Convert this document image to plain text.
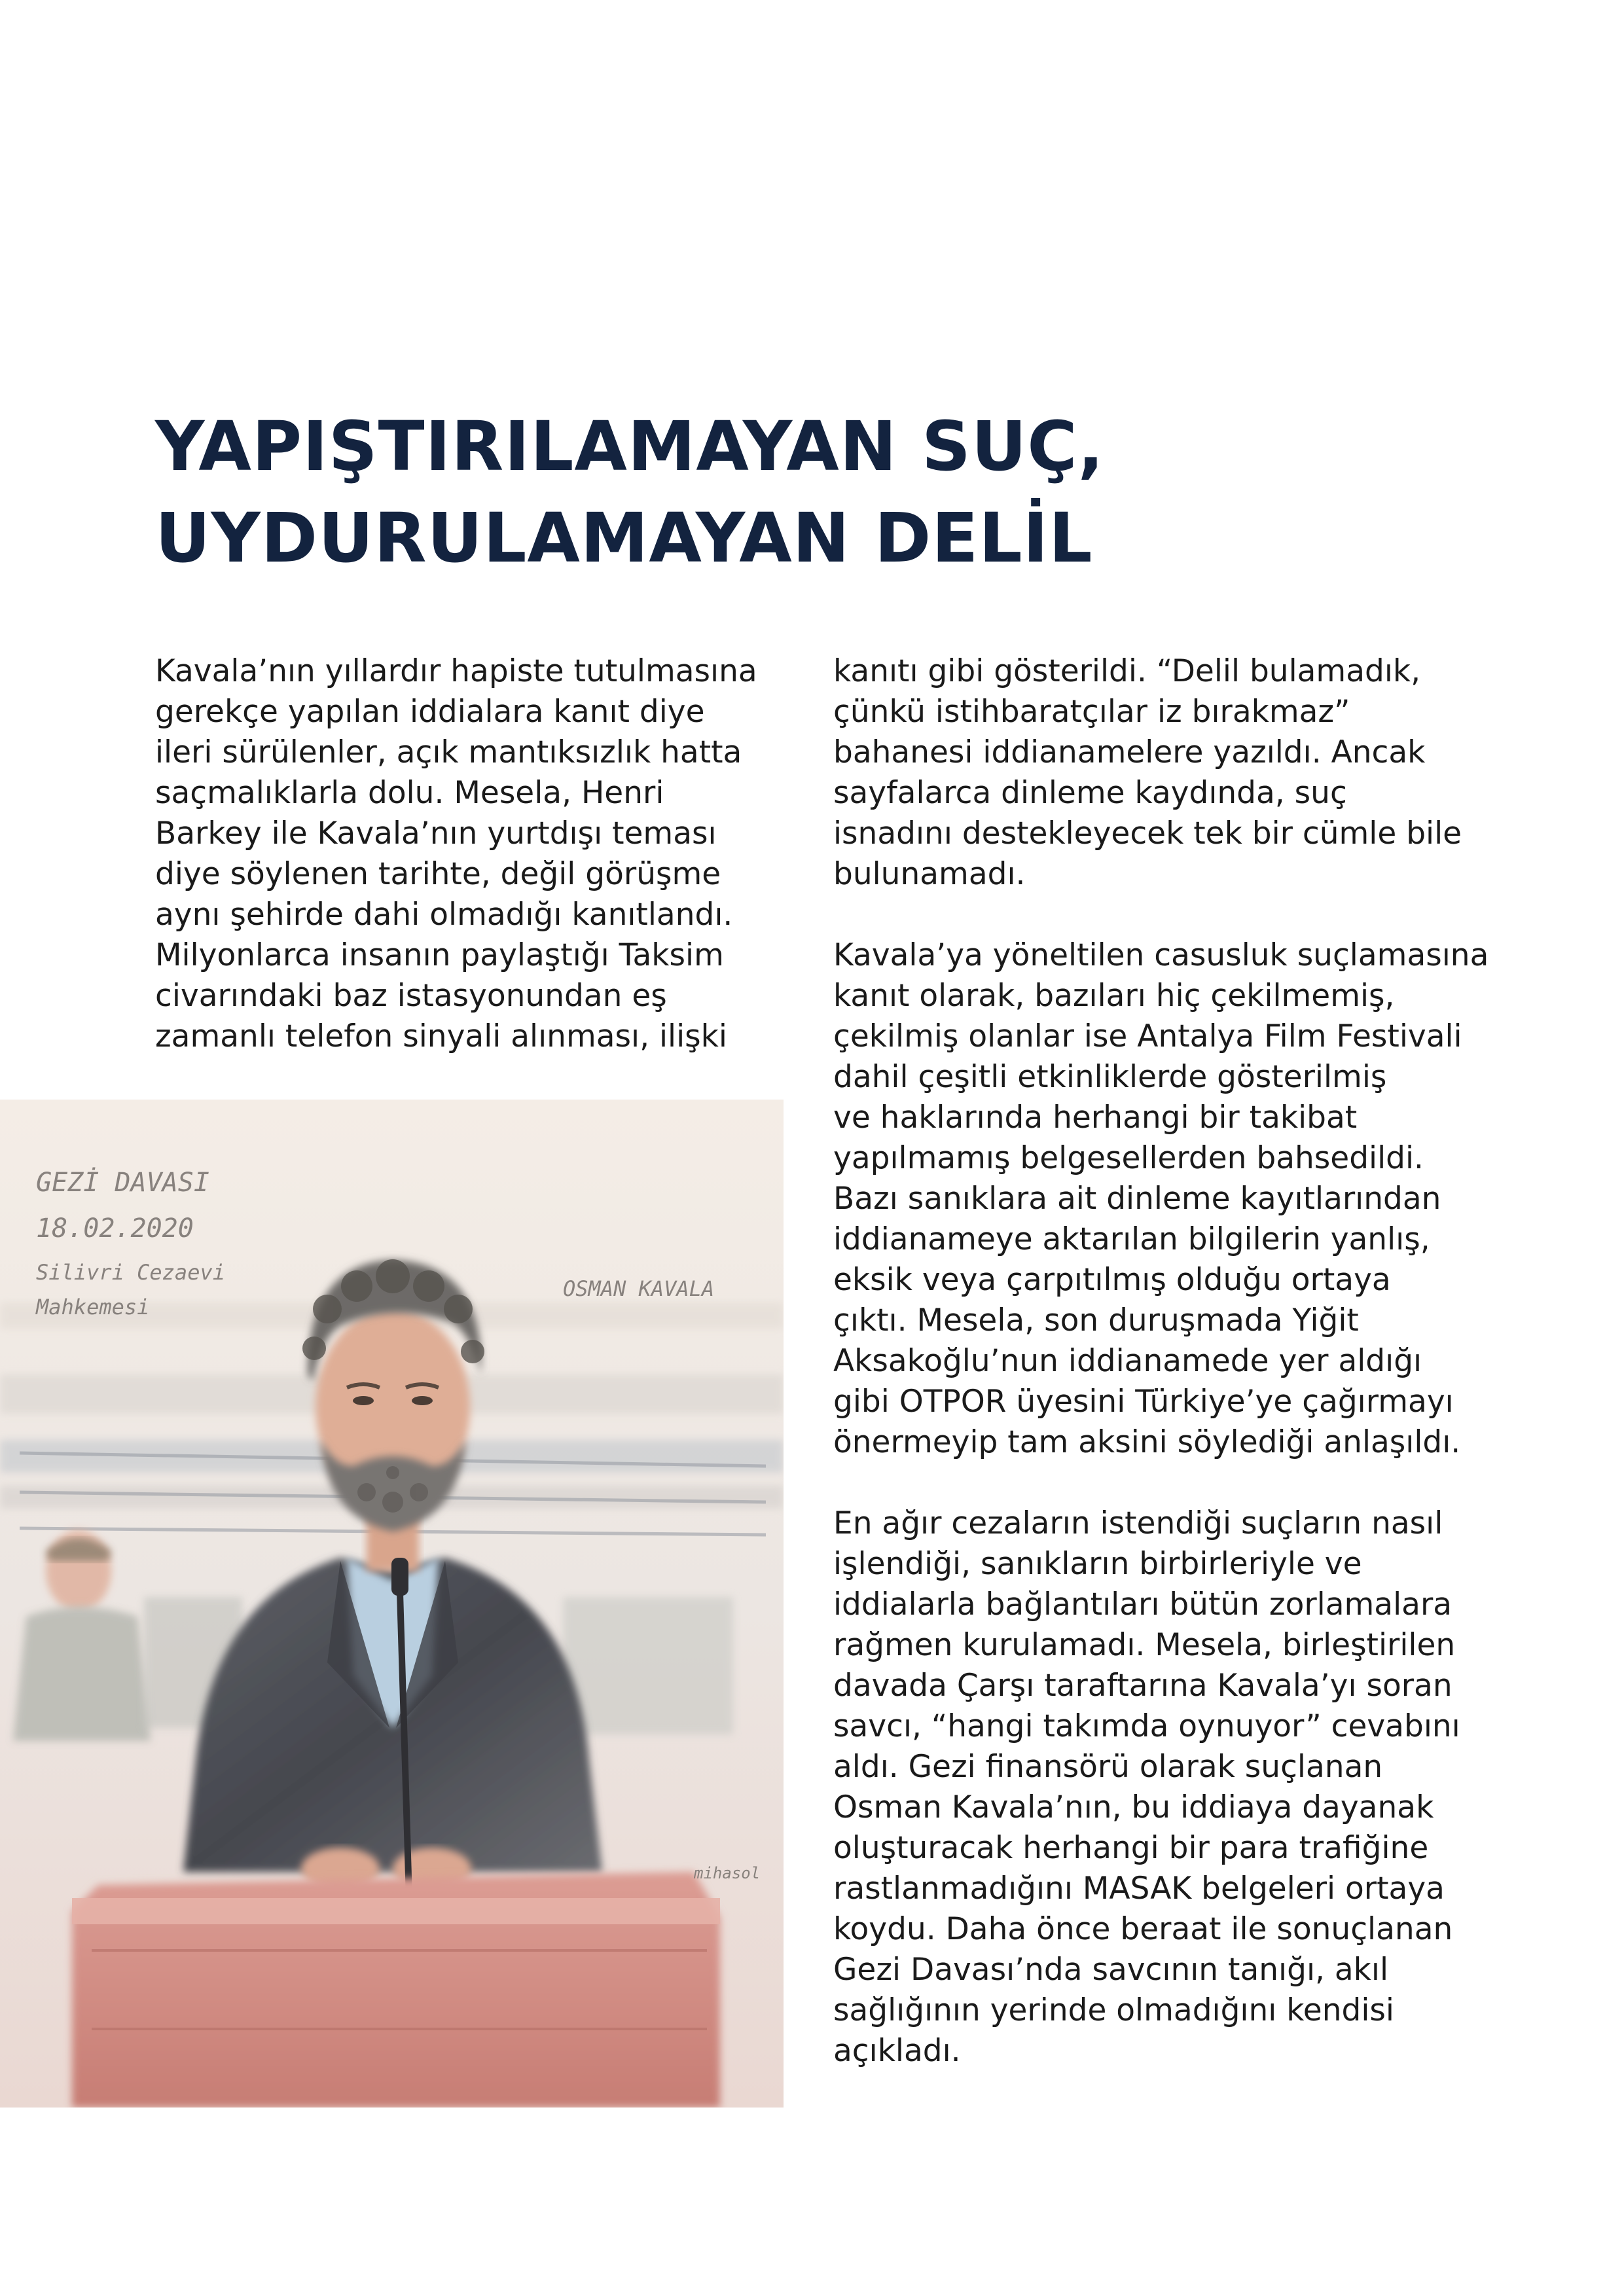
YAPIŞTIRILAMAYAN SUÇ,
UYDURULAMAYAN DELİL

Kavala’nın yıllardır hapiste tutulmasına
gerekçe yapılan iddialara kanıt diye
ileri sürülenler, açık mantıksızlık hatta
saçmalıklarla dolu. Mesela, Henri
Barkey ile Kavala’nın yurtdışı teması
diye söylenen tarihte, değil görüşme
aynı şehirde dahi olmadığı kanıtlandı.
Milyonlarca insanın paylaştığı Taksim
civarındaki baz istasyonundan eş
zamanlı telefon sinyali alınması, ilişki

kanıtı gibi gösterildi. “Delil bulamadık,
çünkü istihbaratçılar iz bırakmaz”
bahanesi iddianamelere yazıldı. Ancak
sayfalarca dinleme kaydında, suç
isnadını destekleyecek tek bir cümle bile
bulunamadı.

Kavala’ya yöneltilen casusluk suçlamasına
kanıt olarak, bazıları hiç çekilmemiş,
çekilmiş olanlar ise Antalya Film Festivali
dahil çeşitli etkinliklerde gösterilmiş
ve haklarında herhangi bir takibat
yapılmamış belgesellerden bahsedildi.
Bazı sanıklara ait dinleme kayıtlarından
iddianameye aktarılan bilgilerin yanlış,
eksik veya çarpıtılmış olduğu ortaya
çıktı. Mesela, son duruşmada Yiğit
Aksakoğlu’nun iddianamede yer aldığı
gibi OTPOR üyesini Türkiye’ye çağırmayı
önermeyip tam aksini söylediği anlaşıldı.

En ağır cezaların istendiği suçların nasıl
işlendiği, sanıkların birbirleriyle ve
iddialarla bağlantıları bütün zorlamalara
rağmen kurulamadı. Mesela, birleştirilen
davada Çarşı taraftarına Kavala’yı soran
savcı, “hangi takımda oynuyor” cevabını
aldı. Gezi finansörü olarak suçlanan
Osman Kavala’nın, bu iddiaya dayanak
oluşturacak herhangi bir para trafiğine
rastlanmadığını MASAK belgeleri ortaya
koydu. Daha önce beraat ile sonuçlanan
Gezi Davası’nda savcının tanığı, akıl
sağlığının yerinde olmadığını kendisi
açıkladı.

GEZİ DAVASI
18.02.2020
Silivri Cezaevi
Mahkemesi
OSMAN KAVALA
mihasol
